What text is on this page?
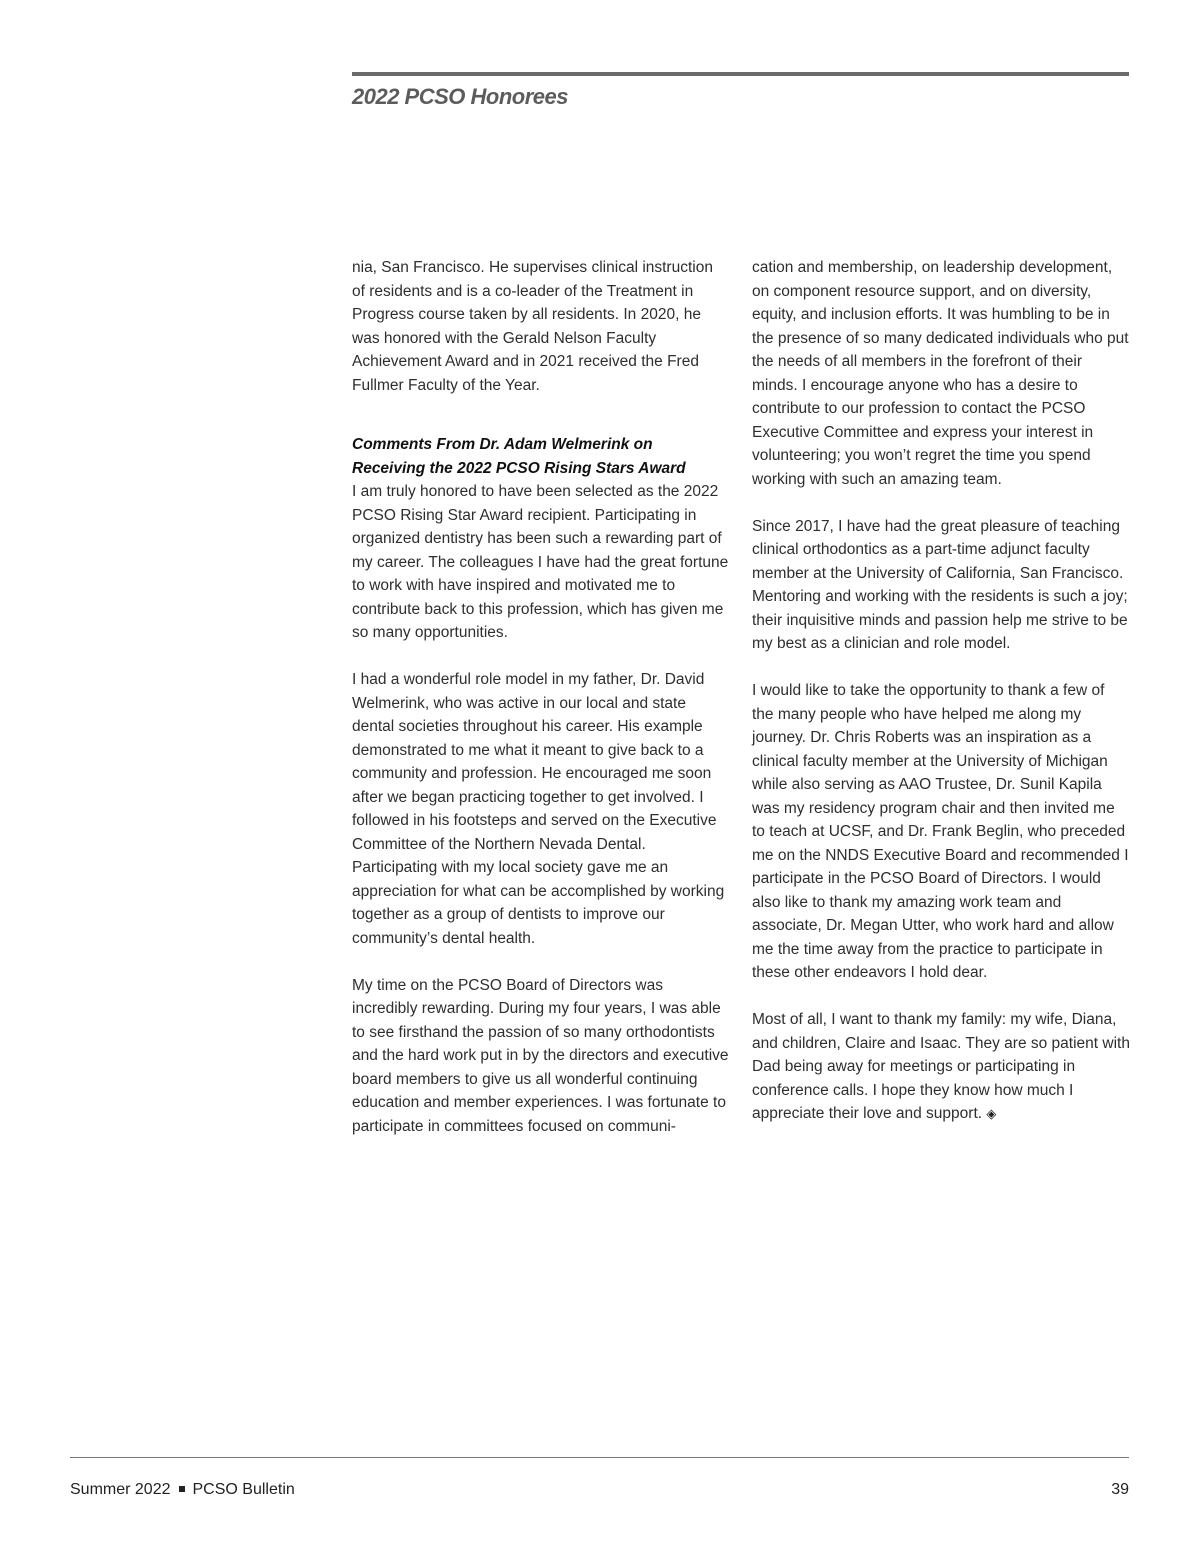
2022 PCSO Honorees

nia, San Francisco. He supervises clinical instruction of residents and is a co-leader of the Treatment in Progress course taken by all residents. In 2020, he was honored with the Gerald Nelson Faculty Achievement Award and in 2021 received the Fred Fullmer Faculty of the Year.

Comments From Dr. Adam Welmerink on Receiving the 2022 PCSO Rising Stars Award

I am truly honored to have been selected as the 2022 PCSO Rising Star Award recipient. Participating in organized dentistry has been such a rewarding part of my career. The colleagues I have had the great fortune to work with have inspired and motivated me to contribute back to this profession, which has given me so many opportunities.

I had a wonderful role model in my father, Dr. David Welmerink, who was active in our local and state dental societies throughout his career. His example demonstrated to me what it meant to give back to a community and profession. He encouraged me soon after we began practicing together to get involved. I followed in his footsteps and served on the Executive Committee of the Northern Nevada Dental. Participating with my local society gave me an appreciation for what can be accomplished by working together as a group of dentists to improve our community’s dental health.

My time on the PCSO Board of Directors was incredibly rewarding. During my four years, I was able to see firsthand the passion of so many orthodontists and the hard work put in by the directors and executive board members to give us all wonderful continuing education and member experiences. I was fortunate to participate in committees focused on communi-

cation and membership, on leadership development, on component resource support, and on diversity, equity, and inclusion efforts. It was humbling to be in the presence of so many dedicated individuals who put the needs of all members in the forefront of their minds. I encourage anyone who has a desire to contribute to our profession to contact the PCSO Executive Committee and express your interest in volunteering; you won’t regret the time you spend working with such an amazing team.

Since 2017, I have had the great pleasure of teaching clinical orthodontics as a part-time adjunct faculty member at the University of California, San Francisco. Mentoring and working with the residents is such a joy; their inquisitive minds and passion help me strive to be my best as a clinician and role model.

I would like to take the opportunity to thank a few of the many people who have helped me along my journey. Dr. Chris Roberts was an inspiration as a clinical faculty member at the University of Michigan while also serving as AAO Trustee, Dr. Sunil Kapila was my residency program chair and then invited me to teach at UCSF, and Dr. Frank Beglin, who preceded me on the NNDS Executive Board and recommended I participate in the PCSO Board of Directors. I would also like to thank my amazing work team and associate, Dr. Megan Utter, who work hard and allow me the time away from the practice to participate in these other endeavors I hold dear.

Most of all, I want to thank my family: my wife, Diana, and children, Claire and Isaac. They are so patient with Dad being away for meetings or participating in conference calls. I hope they know how much I appreciate their love and support. ◈

Summer 2022 PCSO Bulletin	39
